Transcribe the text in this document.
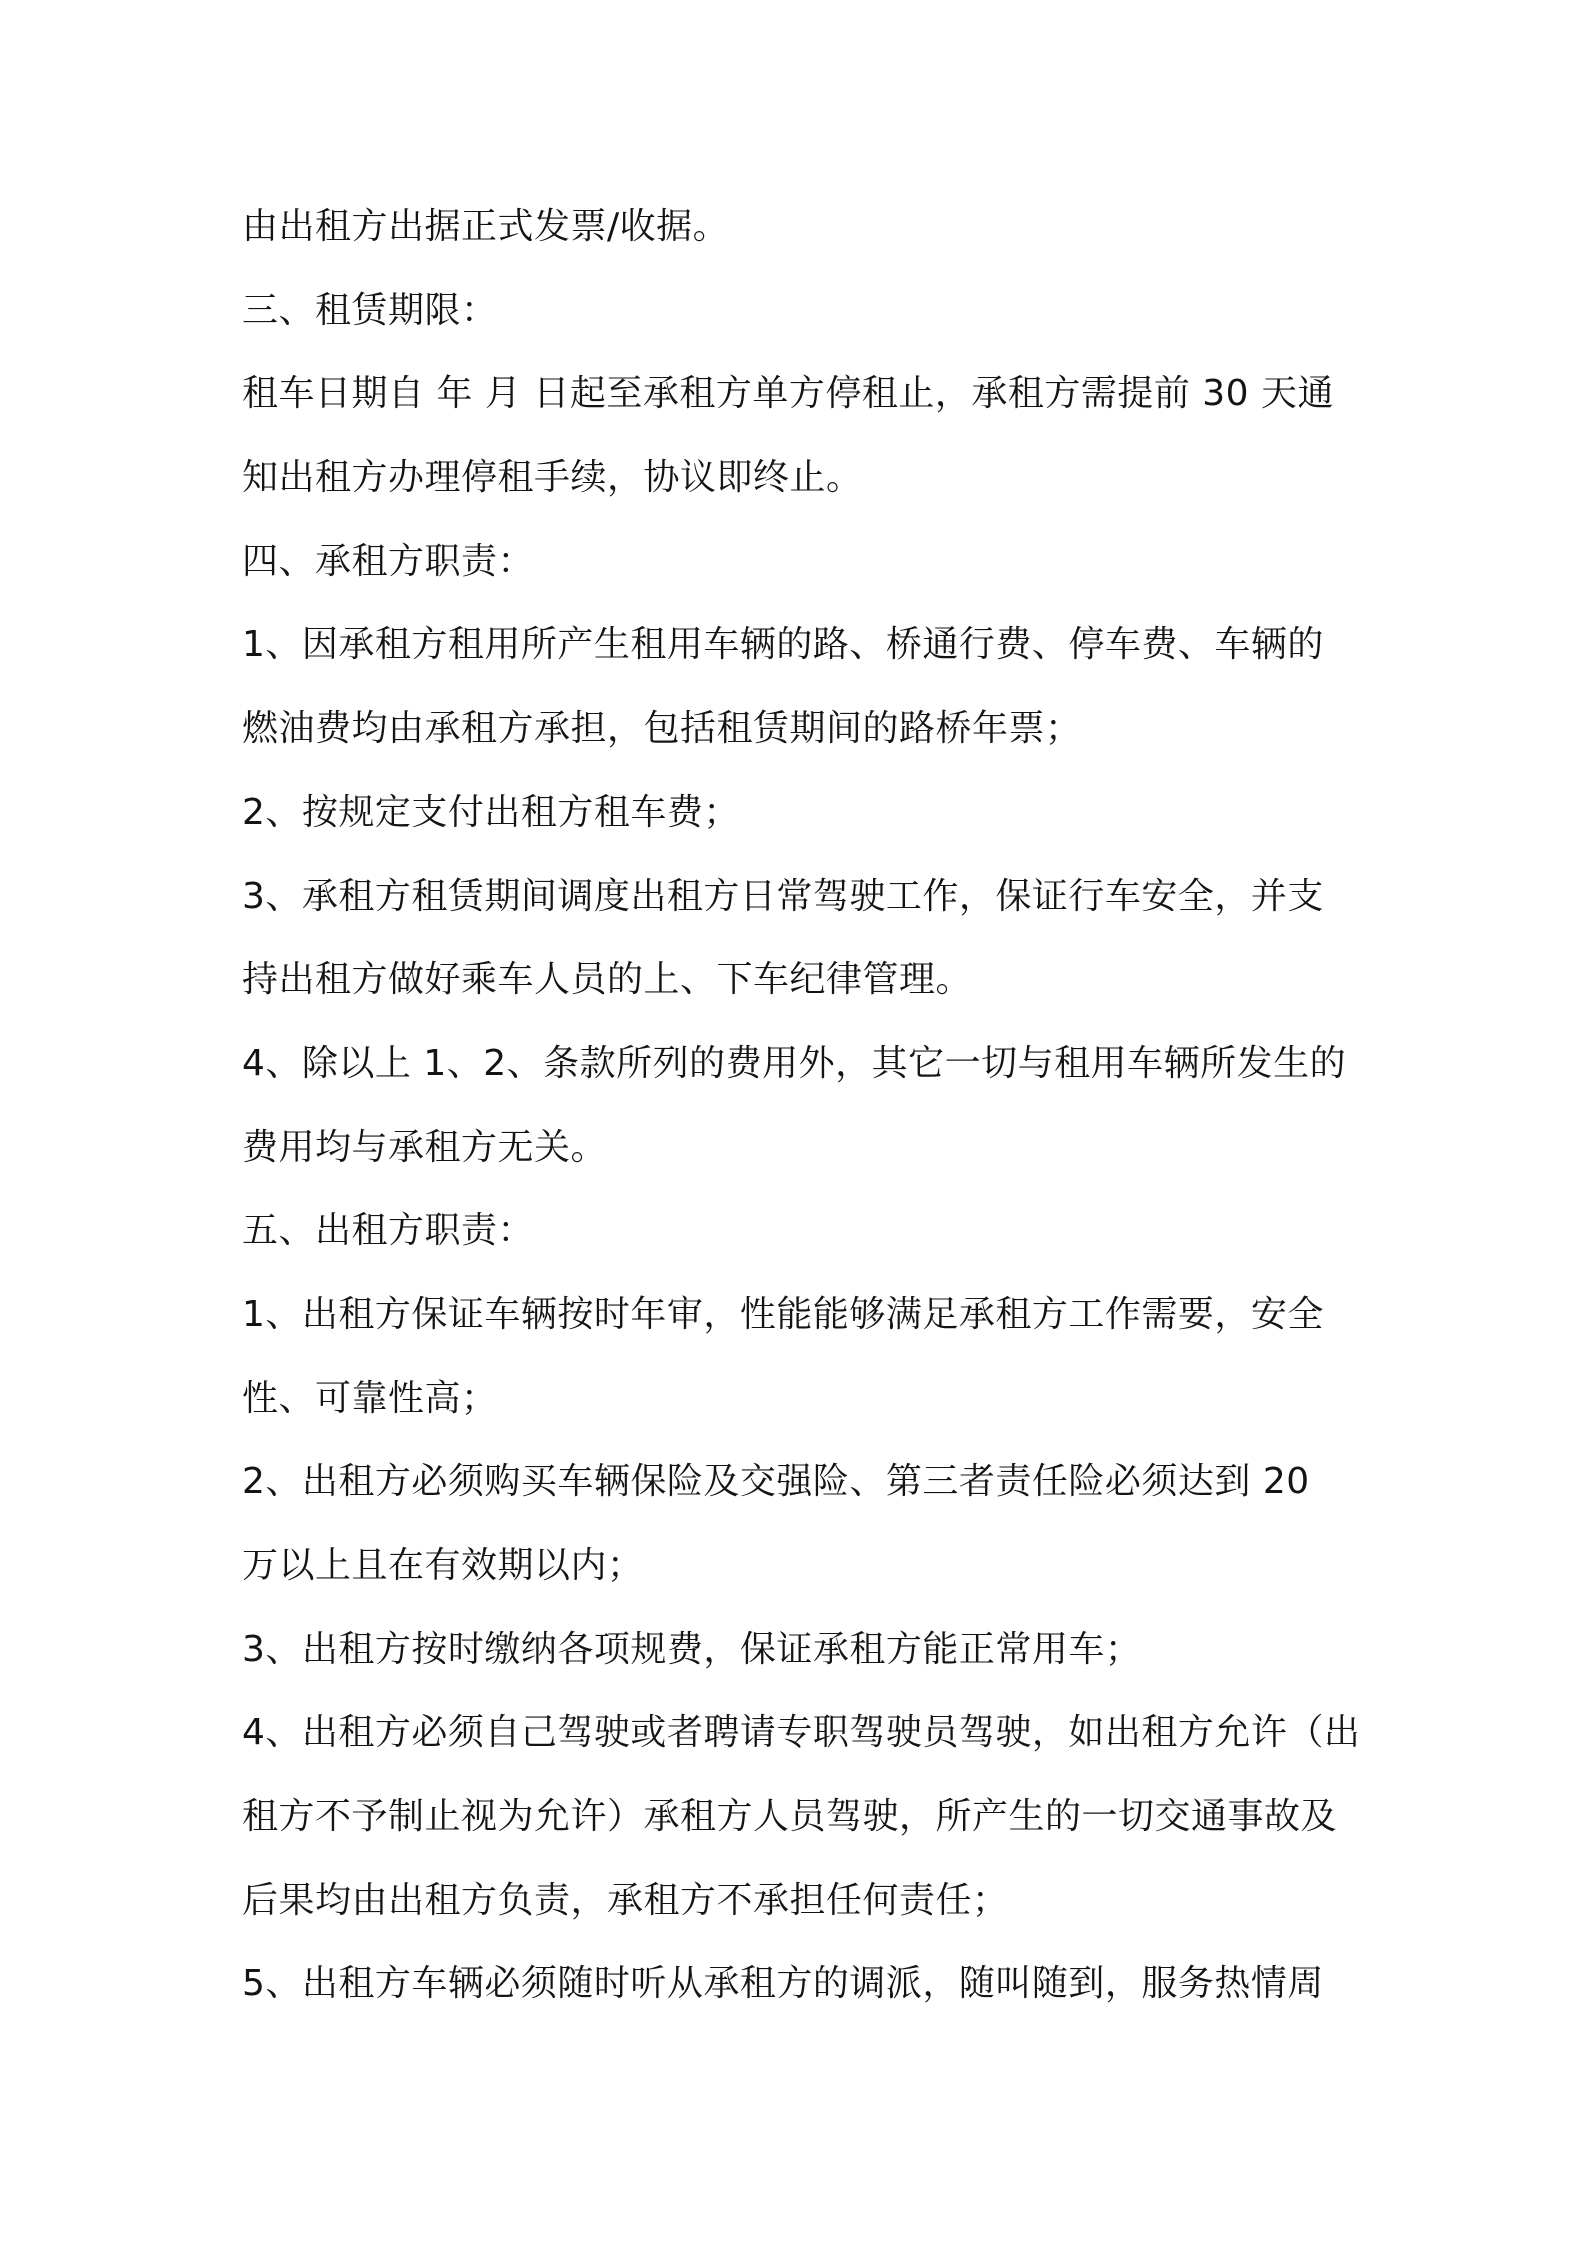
由出租方出据正式发票/收据。
三、租赁期限：
租车日期自 年 月 日起至承租方单方停租止，承租方需提前 30 天通
知出租方办理停租手续，协议即终止。
四、承租方职责：
1、因承租方租用所产生租用车辆的路、桥通行费、停车费、车辆的
燃油费均由承租方承担，包括租赁期间的路桥年票；
2、按规定支付出租方租车费；
3、承租方租赁期间调度出租方日常驾驶工作，保证行车安全，并支
持出租方做好乘车人员的上、下车纪律管理。
4、除以上 1、2、条款所列的费用外，其它一切与租用车辆所发生的
费用均与承租方无关。
五、出租方职责：
1、出租方保证车辆按时年审，性能能够满足承租方工作需要，安全
性、可靠性高；
2、出租方必须购买车辆保险及交强险、第三者责任险必须达到 20
万以上且在有效期以内；
3、出租方按时缴纳各项规费，保证承租方能正常用车；
4、出租方必须自己驾驶或者聘请专职驾驶员驾驶，如出租方允许（出
租方不予制止视为允许）承租方人员驾驶，所产生的一切交通事故及
后果均由出租方负责，承租方不承担任何责任；
5、出租方车辆必须随时听从承租方的调派，随叫随到，服务热情周
